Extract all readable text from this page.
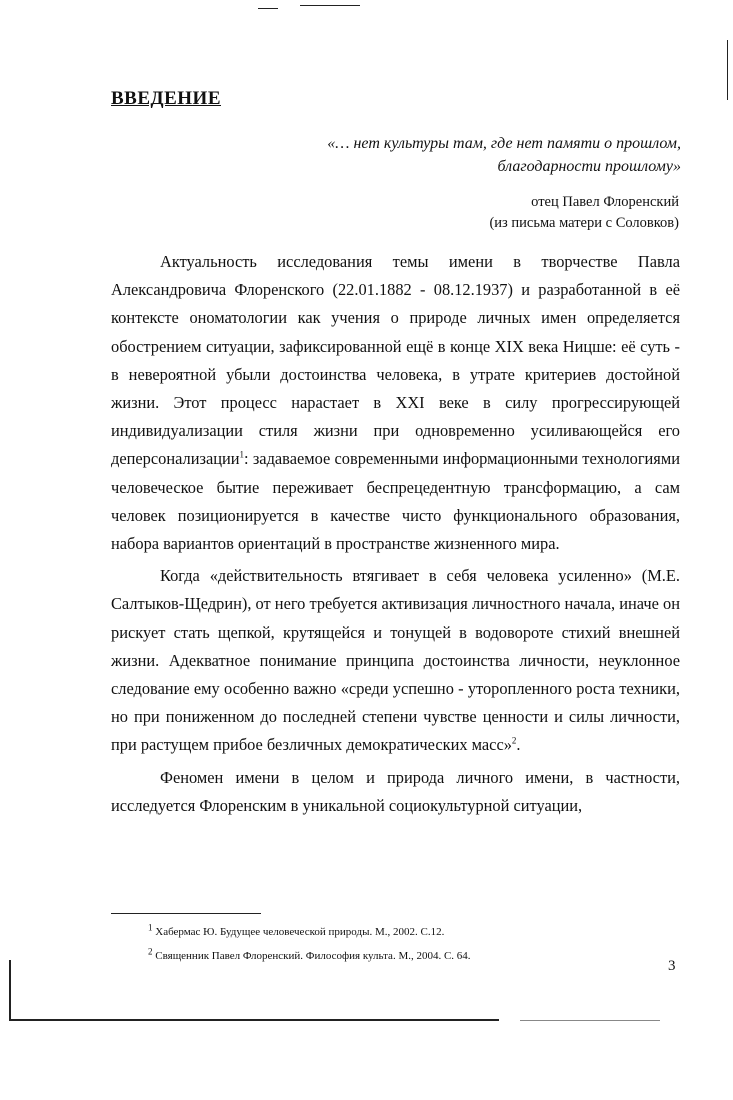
ВВЕДЕНИЕ
«… нет культуры там, где нет памяти о прошлом,
благодарности прошлому»
отец Павел Флоренский
(из письма матери с Соловков)

Актуальность исследования темы имени в творчестве Павла Александровича Флоренского (22.01.1882 - 08.12.1937) и разработанной в её контексте ономатологии как учения о природе личных имен определяется обострением ситуации, зафиксированной ещё в конце XIX века Ницше: её суть - в невероятной убыли достоинства человека, в утрате критериев достойной жизни. Этот процесс нарастает в XXI веке в силу прогрессирующей индивидуализации стиля жизни при одновременно усиливающейся его деперсонализации$^1$: задаваемое современными информационными технологиями человеческое бытие переживает беспрецедентную трансформацию, а сам человек позиционируется в качестве чисто функционального образования, набора вариантов ориентаций в пространстве жизненного мира.

Когда «действительность втягивает в себя человека усиленно» (М.Е. Салтыков-Щедрин), от него требуется активизация личностного начала, иначе он рискует стать щепкой, крутящейся и тонущей в водовороте стихий внешней жизни. Адекватное понимание принципа достоинства личности, неуклонное следование ему особенно важно «среди успешно - уторопленного роста техники, но при пониженном до последней степени чувстве ценности и силы личности, при растущем прибое безличных демократических масс»$^2$.

Феномен имени в целом и природа личного имени, в частности, исследуется Флоренским в уникальной социокультурной ситуации,

$^1$ Хабермас Ю. Будущее человеческой природы. М., 2002. С.12.
$^2$ Священник Павел Флоренский. Философия культа. М., 2004. С. 64.
3
